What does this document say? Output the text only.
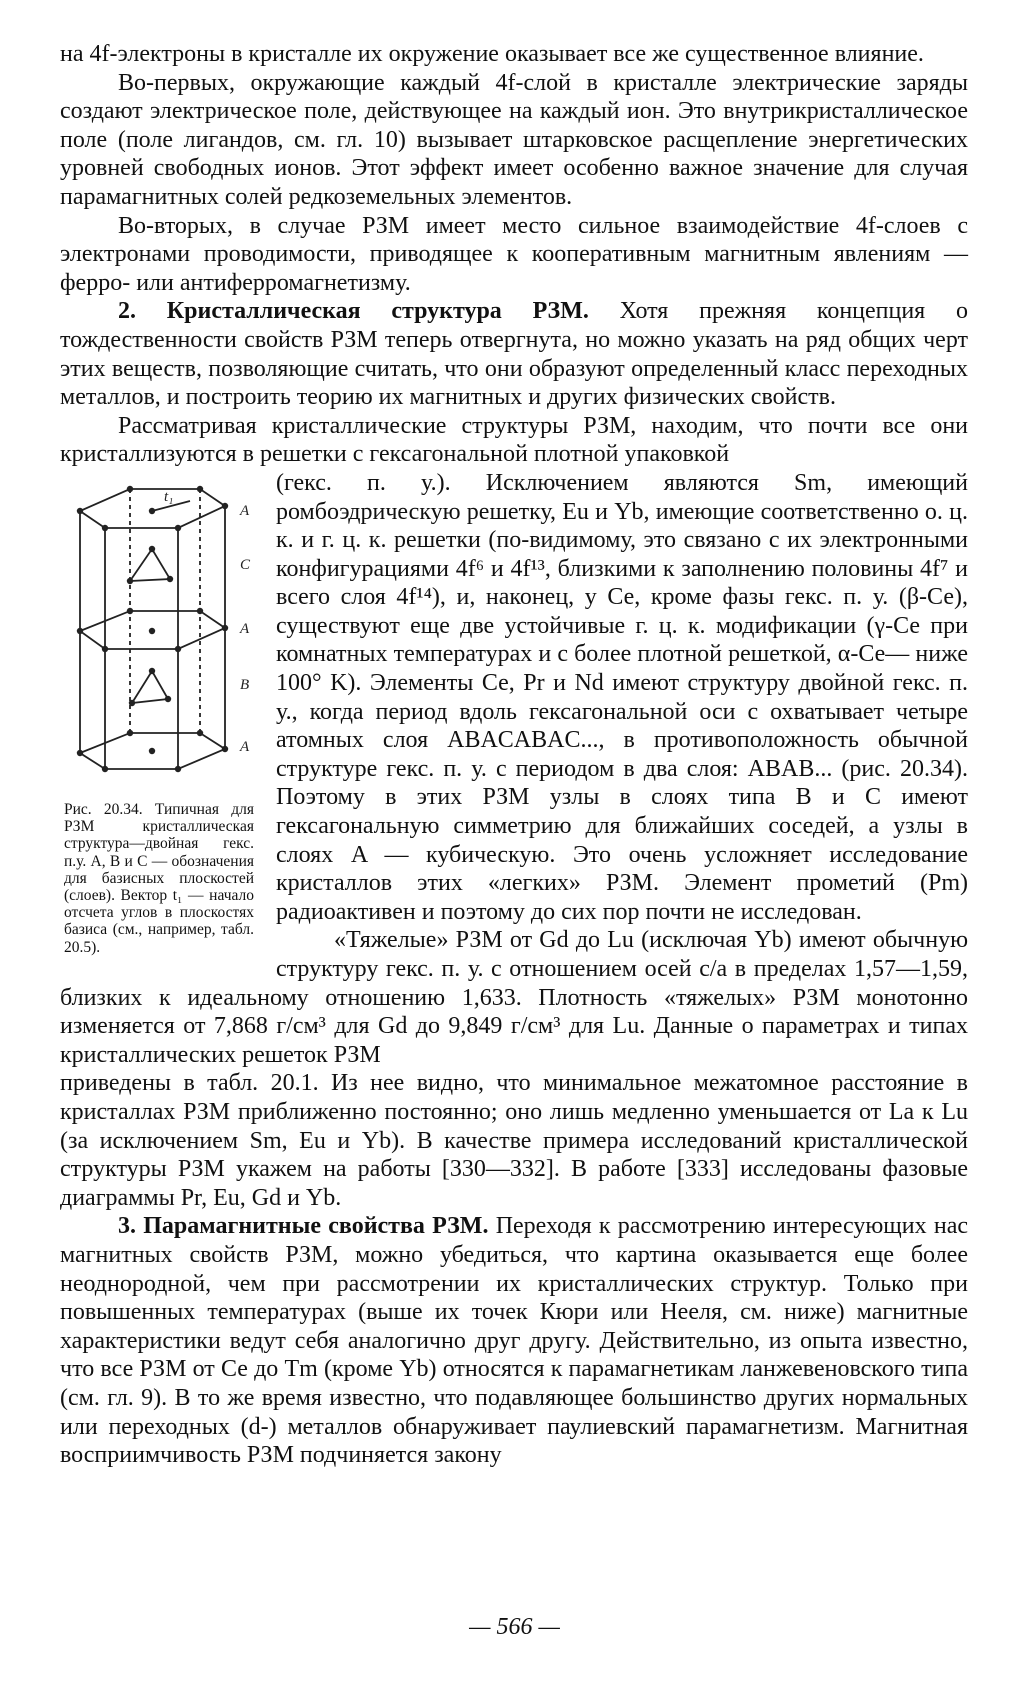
на 4f-электроны в кристалле их окружение оказывает все же существенное влияние.

Во-первых, окружающие каждый 4f-слой в кристалле электрические заряды создают электрическое поле, действующее на каждый ион. Это внутрикристаллическое поле (поле лигандов, см. гл. 10) вызывает штарковское расщепление энергетических уровней свободных ионов. Этот эффект имеет особенно важное значение для случая парамагнитных солей редкоземельных элементов.

Во-вторых, в случае РЗМ имеет место сильное взаимодействие 4f-слоев с электронами проводимости, приводящее к кооперативным магнитным явлениям — ферро- или антиферромагнетизму.

2. Кристаллическая структура РЗМ. Хотя прежняя концепция о тождественности свойств РЗМ теперь отвергнута, но можно указать на ряд общих черт этих веществ, позволяющие считать, что они образуют определенный класс переходных металлов, и построить теорию их магнитных и других физических свойств.

Рассматривая кристаллические структуры РЗМ, находим, что почти все они кристаллизуются в решетки с гексагональной плотной упаковкой

t₁
A
C
A
B
A
Рис. 20.34. Типичная для РЗМ кристаллическая структура—двойная гекс. п.у. A, B и C — обозначения для базисных плоскостей (слоев). Вектор t₁ — начало отсчета углов в плоскостях базиса (см., например, табл. 20.5).

(гекс. п. у.). Исключением являются Sm, имеющий ромбоэдрическую решетку, Eu и Yb, имеющие соответственно о. ц. к. и г. ц. к. решетки (по-видимому, это связано с их электронными конфигурациями 4f⁶ и 4f¹³, близкими к заполнению половины 4f⁷ и всего слоя 4f¹⁴), и, наконец, у Се, кроме фазы гекс. п. у. (β-Се), существуют еще две устойчивые г. ц. к. модификации (γ-Се при комнатных температурах и с более плотной решеткой, α-Се— ниже 100° K). Элементы Се, Pr и Nd имеют структуру двойной гекс. п. у., когда период вдоль гексагональной оси c охватывает четыре атомных слоя ABACABAC..., в противоположность обычной структуре гекс. п. у. с периодом в два слоя: ABAB... (рис. 20.34). Поэтому в этих РЗМ узлы в слоях типа B и C имеют гексагональную симметрию для ближайших соседей, а узлы в слоях A — кубическую. Это очень усложняет исследование кристаллов этих «легких» РЗМ. Элемент прометий (Pm) радиоактивен и поэтому до сих пор почти не исследован.

«Тяжелые» РЗМ от Gd до Lu (исключая Yb) имеют обычную структуру гекс. п. у. с отношением осей c/a в пределах 1,57—1,59, близких к идеальному отношению 1,633. Плотность «тяжелых» РЗМ монотонно изменяется от 7,868 г/см³ для Gd до 9,849 г/см³ для Lu. Данные о параметрах и типах кристаллических решеток РЗМ

приведены в табл. 20.1. Из нее видно, что минимальное межатомное расстояние в кристаллах РЗМ приближенно постоянно; оно лишь медленно уменьшается от La к Lu (за исключением Sm, Eu и Yb). В качестве примера исследований кристаллической структуры РЗМ укажем на работы [330—332]. В работе [333] исследованы фазовые диаграммы Pr, Eu, Gd и Yb.

3. Парамагнитные свойства РЗМ. Переходя к рассмотрению интересующих нас магнитных свойств РЗМ, можно убедиться, что картина оказывается еще более неоднородной, чем при рассмотрении их кристаллических структур. Только при повышенных температурах (выше их точек Кюри или Нееля, см. ниже) магнитные характеристики ведут себя аналогично друг другу. Действительно, из опыта известно, что все РЗМ от Се до Tm (кроме Yb) относятся к парамагнетикам ланжевеновского типа (см. гл. 9). В то же время известно, что подавляющее большинство других нормальных или переходных (d-) металлов обнаруживает паулиевский парамагнетизм. Магнитная восприимчивость РЗМ подчиняется закону

— 566 —
